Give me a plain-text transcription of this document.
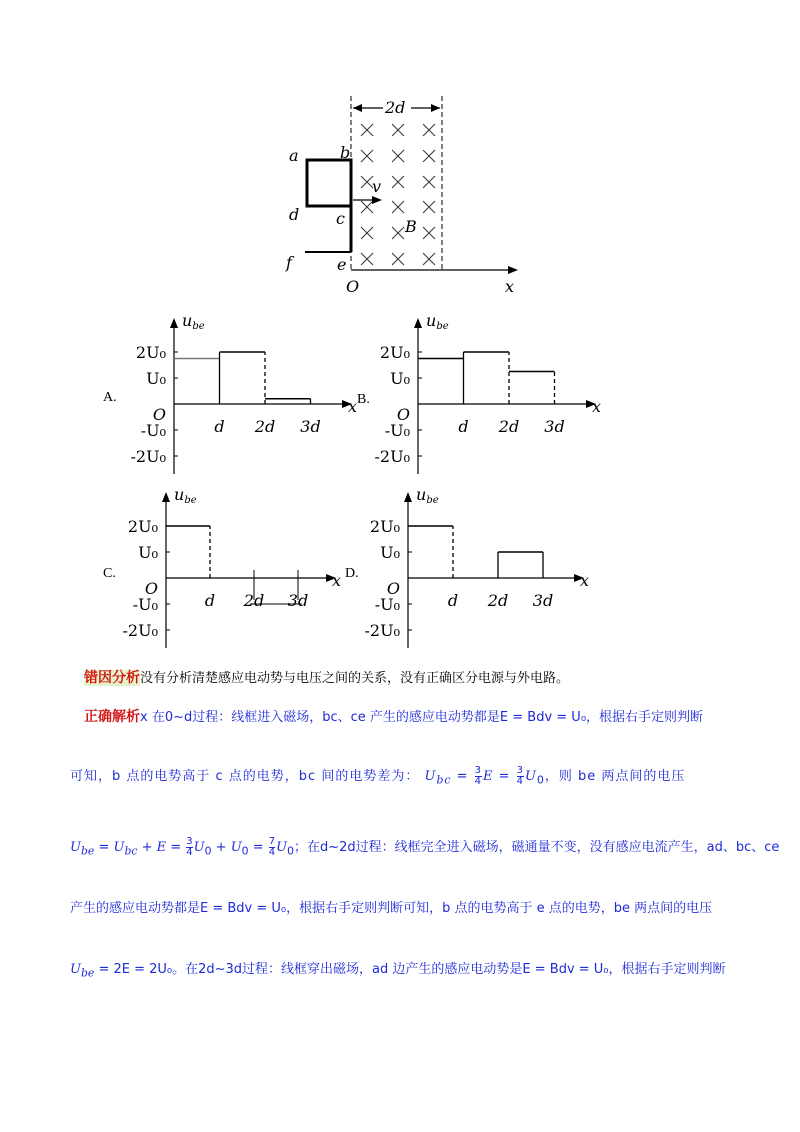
2d
v
B
x
O
a	b
d c
f	e
ube
x
2U₀
U₀
O
-U₀
-2U₀
d 2d 3d
ube
x
2U₀
U₀
O
-U₀
-2U₀
d 2d 3d
ube
x
2U₀
U₀
O
-U₀
-2U₀
d 2d 3d
ube
x
2U₀
U₀
O
-U₀
-2U₀
d 2d 3d
A.	B.
C.	D.
错因分析没有分析清楚感应电动势与电压之间的关系，没有正确区分电源与外电路。
正确解析x 在0~d过程：线框进入磁场，bc、ce 产生的感应电动势都是E = Bdv = U₀，根据右手定则判断
可知，b 点的电势高于 c 点的电势，bc 间的电势差为： $U_{bc} = \frac{3}{4}$ $E = \frac{3}{4} U_0$，则 be 两点间的电压
$U_{be} = U_{bc} + E = \frac{3}{4} U_0 + U_0 = \frac{7}{4} U_0$；在d~2d过程：线框完全进入磁场，磁通量不变，没有感应电流产生，ad、bc、ce
产生的感应电动势都是E = Bdv = U₀，根据右手定则判断可知，b 点的电势高于 e 点的电势，be 两点间的电压
$U_{be} = 2E = 2U_0$。在2d~3d过程：线框穿出磁场，ad 边产生的感应电动势是E = Bdv = U₀，根据右手定则判断
